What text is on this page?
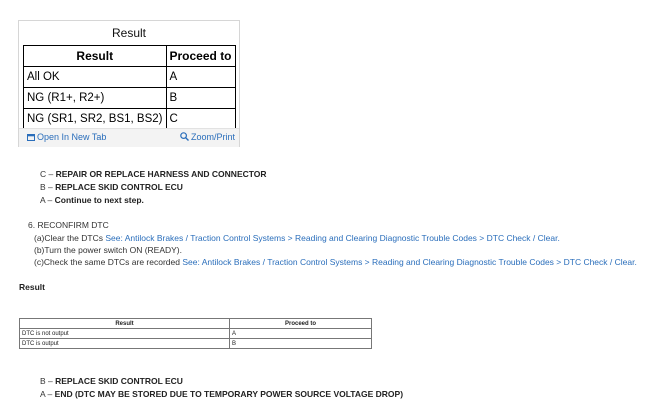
Result
Result	Proceed to
All OK	A
NG (R1+, R2+)	B
NG (SR1, SR2, BS1, BS2)	C
Open In New Tab	Zoom/Print
C – REPAIR OR REPLACE HARNESS AND CONNECTOR
B – REPLACE SKID CONTROL ECU
A – Continue to next step.
6. RECONFIRM DTC
(a)Clear the DTCs See: Antilock Brakes / Traction Control Systems > Reading and Clearing Diagnostic Trouble Codes > DTC Check / Clear.
(b)Turn the power switch ON (READY).
(c)Check the same DTCs are recorded See: Antilock Brakes / Traction Control Systems > Reading and Clearing Diagnostic Trouble Codes > DTC Check / Clear.
Result
Result	Proceed to
DTC is not output	A
DTC is output	B
B – REPLACE SKID CONTROL ECU
A – END (DTC MAY BE STORED DUE TO TEMPORARY POWER SOURCE VOLTAGE DROP)
